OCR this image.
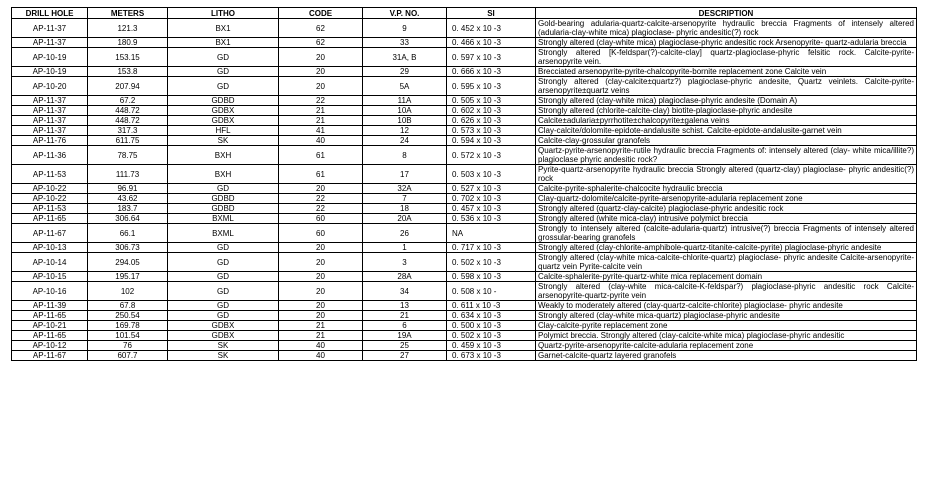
DRILL HOLE	METERS	LITHO	CODE	V.P. NO.	SI	DESCRIPTION
AP-11-37	121.3	BX1	62	9	0. 452 x 10 -3	Gold-bearing adularia-quartz-calcite-arsenopyrite hydraulic breccia Fragments of intensely altered (adularia-clay-white mica) plagioclase- phyric andesitic(?) rock
AP-11-37	180.9	BX1	62	33	0. 466 x 10 -3	Strongly altered (clay-white mica) plagioclase-phyric andesitic rock Arsenopyrite- quartz-adularia breccia
AP-10-19	153.15	GD	20	31A, B	0. 597 x 10 -3	Strongly altered [K-feldspar(?)-calcite-clay] quartz-plagioclase-phyric felsitic rock. Calcite-pyrite-arsenopyrite vein.
AP-10-19	153.8	GD	20	29	0. 666 x 10 -3	Brecciated arsenopyrite-pyrite-chalcopyrite-bornite replacement zone Calcite vein
AP-10-20	207.94	GD	20	5A	0. 595 x 10 -3	Strongly altered (clay-calcite±quartz?) plagioclase-phyric andesite, Quartz veinlets. Calcite-pyrite-arsenopyrite±quartz veins
AP-11-37	67.2	GDBD	22	11A	0. 505 x 10 -3	Strongly altered (clay-white mica) plagioclase-phyric andesite (Domain A)
AP-11-37	448.72	GDBX	21	10A	0. 602 x 10 -3	Strongly altered (chlorite-calcite-clay) biotite-plagioclase-phyric andesite
AP-11-37	448.72	GDBX	21	10B	0. 626 x 10 -3	Calcite±adularia±pyrrhotite±chalcopyrite±galena veins
AP-11-37	317.3	HFL	41	12	0. 573 x 10 -3	Clay-calcite/dolomite-epidote-andalusite schist. Calcite-epidote-andalusite-garnet vein
AP-11-76	611.75	SK	40	24	0. 594 x 10 -3	Calcite-clay-grossular granofels
AP-11-36	78.75	BXH	61	8	0. 572 x 10 -3	Quartz-pyrite-arsenopyrite-rutile hydraulic breccia Fragments of: intensely altered (clay- white mica/illite?) plagioclase phyric andesitic rock?
AP-11-53	111.73	BXH	61	17	0. 503 x 10 -3	Pyrite-quartz-arsenopyrite hydraulic breccia Strongly altered (quartz-clay) plagioclase- phyric andesitic(?) rock
AP-10-22	96.91	GD	20	32A	0. 527 x 10 -3	Calcite-pyrite-sphalerite-chalcocite hydraulic breccia
AP-10-22	43.62	GDBD	22	7	0. 702 x 10 -3	Clay-quartz-dolomite/calcite-pyrite-arsenopyrite-adularia replacement zone
AP-11-53	183.7	GDBD	22	18	0. 457 x 10 -3	Strongly altered (quartz-clay-calcite) plagioclase-phyric andesitic rock
AP-11-65	306.64	BXML	60	20A	0. 536 x 10 -3	Strongly altered (white mica-clay) intrusive polymict breccia
AP-11-67	66.1	BXML	60	26	NA	Strongly to intensely altered (calcite-adularia-quartz) intrusive(?) breccia Fragments of intensely altered grossular-bearing granofels
AP-10-13	306.73	GD	20	1	0. 717 x 10 -3	Strongly altered (clay-chlorite-amphibole-quartz-titanite-calcite-pyrite) plagioclase-phyric andesite
AP-10-14	294.05	GD	20	3	0. 502 x 10 -3	Strongly altered (clay-white mica-calcite-chlorite-quartz) plagioclase- phyric andesite Calcite-arsenopyrite-quartz vein Pyrite-calcite vein
AP-10-15	195.17	GD	20	28A	0. 598 x 10 -3	Calcite-sphalerite-pyrite-quartz-white mica replacement domain
AP-10-16	102	GD	20	34	0. 508 x 10 -	Strongly altered (clay-white mica-calcite-K-feldspar?) plagioclase-phyric andesitic rock Calcite-arsenopyrite-quartz-pyrite vein
AP-11-39	67.8	GD	20	13	0. 611 x 10 -3	Weakly to moderately altered (clay-quartz-calcite-chlorite) plagioclase- phyric andesite
AP-11-65	250.54	GD	20	21	0. 634 x 10 -3	Strongly altered (clay-white mica-quartz) plagioclase-phyric andesite
AP-10-21	169.78	GDBX	21	6	0. 500 x 10 -3	Clay-calcite-pyrite replacement zone
AP-11-65	101.54	GDBX	21	19A	0. 502 x 10 -3	Polymict breccia. Strongly altered (clay-calcite-white mica) plagioclase-phyric andesitic
AP-10-12	76	SK	40	25	0. 459 x 10 -3	Quartz-pyrite-arsenopyrite-calcite-adularia replacement zone
AP-11-67	607.7	SK	40	27	0. 673 x 10 -3	Garnet-calcite-quartz layered granofels
